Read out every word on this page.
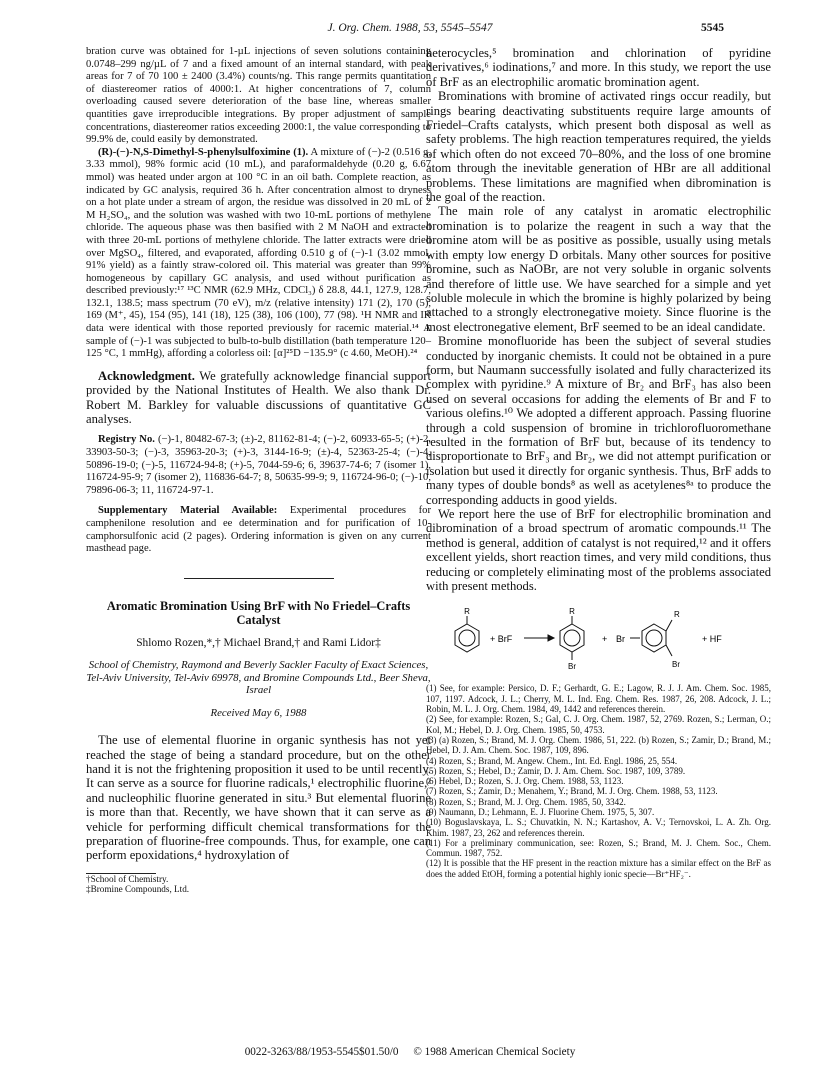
J. Org. Chem. 1988, 53, 5545–5547	5545

bration curve was obtained for 1-µL injections of seven solutions containing 0.0748–299 ng/µL of 7 and a fixed amount of an internal standard, with peak areas for 7 of 70 100 ± 2400 (3.4%) counts/ng. This range permits quantitation of diastereomer ratios of 4000:1. At higher concentrations of 7, column overloading caused severe deterioration of the base line, whereas smaller quantities gave irreproducible integrations. By proper adjustment of sample concentrations, diastereomer ratios exceeding 2000:1, the value corresponding to 99.9% de, could easily by demonstrated.

(R)-(−)-N,S-Dimethyl-S-phenylsulfoximine (1). A mixture of (−)-2 (0.516 g, 3.33 mmol), 98% formic acid (10 mL), and paraformaldehyde (0.20 g, 6.67 mmol) was heated under argon at 100 °C in an oil bath. Complete reaction, as indicated by GC analysis, required 36 h. After concentration almost to dryness on a hot plate under a stream of argon, the residue was dissolved in 20 mL of 2 M H₂SO₄, and the solution was washed with two 10-mL portions of methylene chloride. The aqueous phase was then basified with 2 M NaOH and extracted with three 20-mL portions of methylene chloride. The latter extracts were dried over MgSO₄, filtered, and evaporated, affording 0.510 g of (−)-1 (3.02 mmol, 91% yield) as a faintly straw-colored oil. This material was greater than 99% homogeneous by capillary GC analysis, and used without purification as described previously:¹⁷ ¹³C NMR (62.9 MHz, CDCl₃) δ 28.8, 44.1, 127.9, 128.7, 132.1, 138.5; mass spectrum (70 eV), m/z (relative intensity) 171 (2), 170 (5), 169 (M⁺, 45), 154 (95), 141 (18), 125 (38), 106 (100), 77 (98). ¹H NMR and IR data were identical with those reported previously for racemic material.¹⁴ A sample of (−)-1 was subjected to bulb-to-bulb distillation (bath temperature 120–125 °C, 1 mmHg), affording a colorless oil: [α]²⁵D −135.9° (c 4.60, MeOH).²⁴

Acknowledgment. We gratefully acknowledge financial support provided by the National Institutes of Health. We also thank Dr. Robert M. Barkley for valuable discussions of quantitative GC analyses.

Registry No. (−)-1, 80482-67-3; (±)-2, 81162-81-4; (−)-2, 60933-65-5; (+)-2, 33903-50-3; (−)-3, 35963-20-3; (+)-3, 3144-16-9; (±)-4, 52363-25-4; (−)-4, 50896-19-0; (−)-5, 116724-94-8; (+)-5, 7044-59-6; 6, 39637-74-6; 7 (isomer 1), 116724-95-9; 7 (isomer 2), 116836-64-7; 8, 50635-99-9; 9, 116724-96-0; (−)-10, 79896-06-3; 11, 116724-97-1.

Supplementary Material Available: Experimental procedures for camphenilone resolution and ee determination and for purification of 10-camphorsulfonic acid (2 pages). Ordering information is given on any current masthead page.

Aromatic Bromination Using BrF with No Friedel–Crafts Catalyst
Shlomo Rozen,*,† Michael Brand,† and Rami Lidor‡
School of Chemistry, Raymond and Beverly Sackler Faculty of Exact Sciences, Tel-Aviv University, Tel-Aviv 69978, and Bromine Compounds Ltd., Beer Sheva, Israel
Received May 6, 1988

The use of elemental fluorine in organic synthesis has not yet reached the stage of being a standard procedure, but on the other hand it is not the frightening proposition it used to be until recently. It can serve as a source for fluorine radicals,¹ electrophilic fluorine,² and nucleophilic fluorine generated in situ.³ But elemental fluorine is more than that. Recently, we have shown that it can serve as a vehicle for performing difficult chemical transformations for the preparation of fluorine-free compounds. Thus, for example, one can perform epoxidations,⁴ hydroxylation of

†School of Chemistry.
‡Bromine Compounds, Ltd.

heterocycles,⁵ bromination and chlorination of pyridine derivatives,⁶ iodinations,⁷ and more. In this study, we report the use of BrF as an electrophilic aromatic bromination agent.

Brominations with bromine of activated rings occur readily, but rings bearing deactivating substituents require large amounts of Friedel–Crafts catalysts, which present both disposal as well as safety problems. The high reaction temperatures required, the yields of which often do not exceed 70–80%, and the loss of one bromine atom through the inevitable generation of HBr are all additional problems. These limitations are magnified when dibromination is the goal of the reaction.

The main role of any catalyst in aromatic electrophilic bromination is to polarize the reagent in such a way that the bromine atom will be as positive as possible, usually using metals with empty low energy D orbitals. Many other sources for positive bromine, such as NaOBr, are not very soluble in organic solvents and therefore of little use. We have searched for a simple and yet soluble molecule in which the bromine is highly polarized by being attached to a strongly electronegative moiety. Since fluorine is the most electronegative element, BrF seemed to be an ideal candidate.

Bromine monofluoride has been the subject of several studies conducted by inorganic chemists. It could not be obtained in a pure form, but Naumann successfully isolated and fully characterized its complex with pyridine.⁹ A mixture of Br₂ and BrF₃ has also been used on several occasions for adding the elements of Br and F to various olefins.¹⁰ We adopted a different approach. Passing fluorine through a cold suspension of bromine in trichlorofluoromethane resulted in the formation of BrF but, because of its tendency to disproportionate to BrF₃ and Br₂, we did not attempt purification or isolation but used it directly for organic synthesis. Thus, BrF adds to many types of double bonds⁸ as well as acetylenes⁸ᵃ to produce the corresponding adducts in good yields.

We report here the use of BrF for electrophilic bromination and dibromination of a broad spectrum of aromatic compounds.¹¹ The method is general, addition of catalyst is not required,¹² and it offers excellent yields, short reaction times, and very mild conditions, thus reducing or completely eliminating most of the problems associated with present methods.

R
+ BrF
R
Br
+ Br
R
Br
+ HF

(1) See, for example: Persico, D. F.; Gerhardt, G. E.; Lagow, R. J. J. Am. Chem. Soc. 1985, 107, 1197. Adcock, J. L.; Cherry, M. L. Ind. Eng. Chem. Res. 1987, 26, 208. Adcock, J. L.; Robin, M. L. J. Org. Chem. 1984, 49, 1442 and references therein.

(2) See, for example: Rozen, S.; Gal, C. J. Org. Chem. 1987, 52, 2769. Rozen, S.; Lerman, O.; Kol, M.; Hebel, D. J. Org. Chem. 1985, 50, 4753.

(3) (a) Rozen, S.; Brand, M. J. Org. Chem. 1986, 51, 222. (b) Rozen, S.; Zamir, D.; Brand, M.; Hebel, D. J. Am. Chem. Soc. 1987, 109, 896.

(4) Rozen, S.; Brand, M. Angew. Chem., Int. Ed. Engl. 1986, 25, 554.

(5) Rozen, S.; Hebel, D.; Zamir, D. J. Am. Chem. Soc. 1987, 109, 3789.

(6) Hebel, D.; Rozen, S. J. Org. Chem. 1988, 53, 1123.

(7) Rozen, S.; Zamir, D.; Menahem, Y.; Brand, M. J. Org. Chem. 1988, 53, 1123.

(8) Rozen, S.; Brand, M. J. Org. Chem. 1985, 50, 3342.

(9) Naumann, D.; Lehmann, E. J. Fluorine Chem. 1975, 5, 307.

(10) Boguslavskaya, L. S.; Chuvatkin, N. N.; Kartashov, A. V.; Ternovskoi, L. A. Zh. Org. Khim. 1987, 23, 262 and references therein.

(11) For a preliminary communication, see: Rozen, S.; Brand, M. J. Chem. Soc., Chem. Commun. 1987, 752.

(12) It is possible that the HF present in the reaction mixture has a similar effect on the BrF as does the added EtOH, forming a potential highly ionic specie—Br⁺HF₂⁻.

0022-3263/88/1953-5545$01.50/0 © 1988 American Chemical Society
